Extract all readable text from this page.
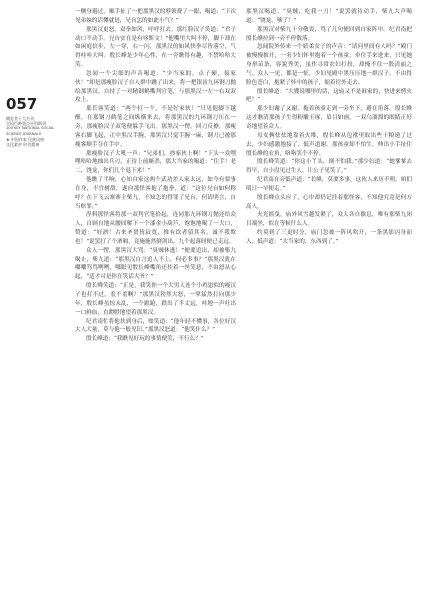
057
概览者十大名刊
全国百种重点社科期刊
100 KEY NATIONAL SOCIAL
SCIENCE JOURNALS
★ 中国作家 民族风格
文化素材 时代精神

一侧身避过，顺手扯了一把那黑汉的脖领费了一眼，喝道：“下次见弟妹的话懂就是，兄台怎的如此小气？”

那黑汉更怒，双拳如风，呼呼打去。那红脸汉子笑道：“君子动口不动手。兄台实在是有辱斯文！”他嘴里大叫不停，脚下却在如闲庭信步，左一穿，右一闪，那黑汉的如风快拳尽皆落空，气得哇哇大叫。殷长峰是少年心性，在一旁瞧得有趣，不禁哈哈大笑。

忽闻一个尖细的声音喝道：“少当家的，点子硬，接家伙！”却是那瘦脸汉子自人群中跳了出来，将一把银齿九环钢刀抛给那黑汉，自持了一对精钢鹤嘴判官笔，与那黑汉一左一右双双攻上。

那长客笑道：“两个打一个，不是好家伙！”只见他脚下越醒，在那钢刀鹤笔之间纵横来去，将那黑汉的九环钢刀压在一旁，那瘦脸汉子双笔便躲手飞出。那黑汉一愣，回刀反撩，那瘦客右脚飞起，正中黑汉手腕。那黑汉只觉手腕一麻，钢刀已被那瘦客顺手夺在手中。

那瘦脸汉子大吼一声：“兄弟们，抄家伙上啊！”下头一众嘿嘿哈哈地抽出兵刃，正待上前厮杀，那大当家的喝道：“住手！老二，饶龙，你们几个退下来！”

他瞧了半晌，心知自家这两个武功差人家太远，如今有要事在身，不宜树敌，遂向那怪客抱了抱拳，道：“这位兄台如何称呼？在下飞云寨寨主柴九，不知怎的得罪了兄台，但请明言，自当赔罪。”

涅料那怪客将那一双判官笔拾起，连同那九环钢刀抛还给众人，自顾自地从腰间解下一个漆金小葫芦，饱饱地喝了一大口，赞道：“好酒！古来圣贤皆寂寞，惟有饮者留其名，诚不我欺也！”说罢打了个酒嗝，竟施施然倒剑出，九个起落间便已走远。

众人一愣，那黑汉大骂：“臭贼休逃！”便要追出，却被柴九喝止，柴九道：“那黑汉自言追人不上，何必多事？”那黑汉犹在嘟囔骂骂咧咧，哪眼见殷长峰嘴角还挂着一丝笑意，不由怒从心起，“适才可是你在笑话大爷？”

殷长峰笑道：“正是，我笑你一个大男人连个小鸡崽似的瘦汉子也打不过，羞不羞啊？”那黑汉勃然大怒，一掌猛然打向那少年，殷长峰虽惊未乱，一个踉跄，跌出了半丈远，哇地一声吐出一口鲜血，直瞪瞪地望着那黑汉。

纪君南忙将他扶到身后，赔笑道：“他年轻不懂事，各位好汉大人大量，莫与他一般见识。”那黑汉怒道：“他笑什么？”

殷长峰道：“我瞧见好玩的事情便笑，不行么？”

那黑汉喝道：“臭贼，吃我一刀！”说罢就待动手，柴九大声喝道：“饶龙，够了！”

那黑汉对柴九十分敬畏，骂了几句便回到自家阵中。纪君南把殷长峰拉到一旁不停数落。

忽闻院外传来一个娇柔女子的声音：“请问里间有人吗？”殿门被慢慢推开，一名少妇怀里抱着一个孩童，牵住手来进来，只见她身形苗条，容貌秀美，虽作寻常农妇打扮，却掩不住一股清丽之气。众人一见，都是一怔，少妇见殿中黑压压地一群汉子，不由得脸色苍白，抱紧了怀中的孩子，缩着往外走去。

殷长峰道：“大嫂说哪里的话，这庙又不是谁家的，快进来烤火吧！”

那少妇谢了又谢，抱着孩童走到一旁坐下，避在角落。殷长峰这才瞧清那孩子生得粉雕玉琢，眉目如画，一双乌溜溜的眼睛正好奇地望着众人。

母女俩怯怯地靠着火堆，殷长峰从包袱里取出些干粮递了过去，少妇感激地接了，低声道谢。那孩童却不怕生，伸出小手扯住殷长峰的衣角，咯咯笑个不停。

殷长峰笑道：“你这小丫头，倒不怕我。”那少妇道：“她爹爹去得早，自小没见过生人，让公子见笑了。”

纪君南在旁低声道：“长峰，莫要多事，这伙人来历不明，咱们明日一早便走。”

殷长峰点头应了，心中却仍记挂着那怪客，不知他究竟是何方高人。

火光摇曳，庙外风雪越发紧了，众人各自歇息，唯有那柴九闭目端坐，似在等候什么人。

约莫到了三更时分，庙门忽被一阵风吹开，一条黑影闪身而入，低声道：“大当家的，东西到了。”
